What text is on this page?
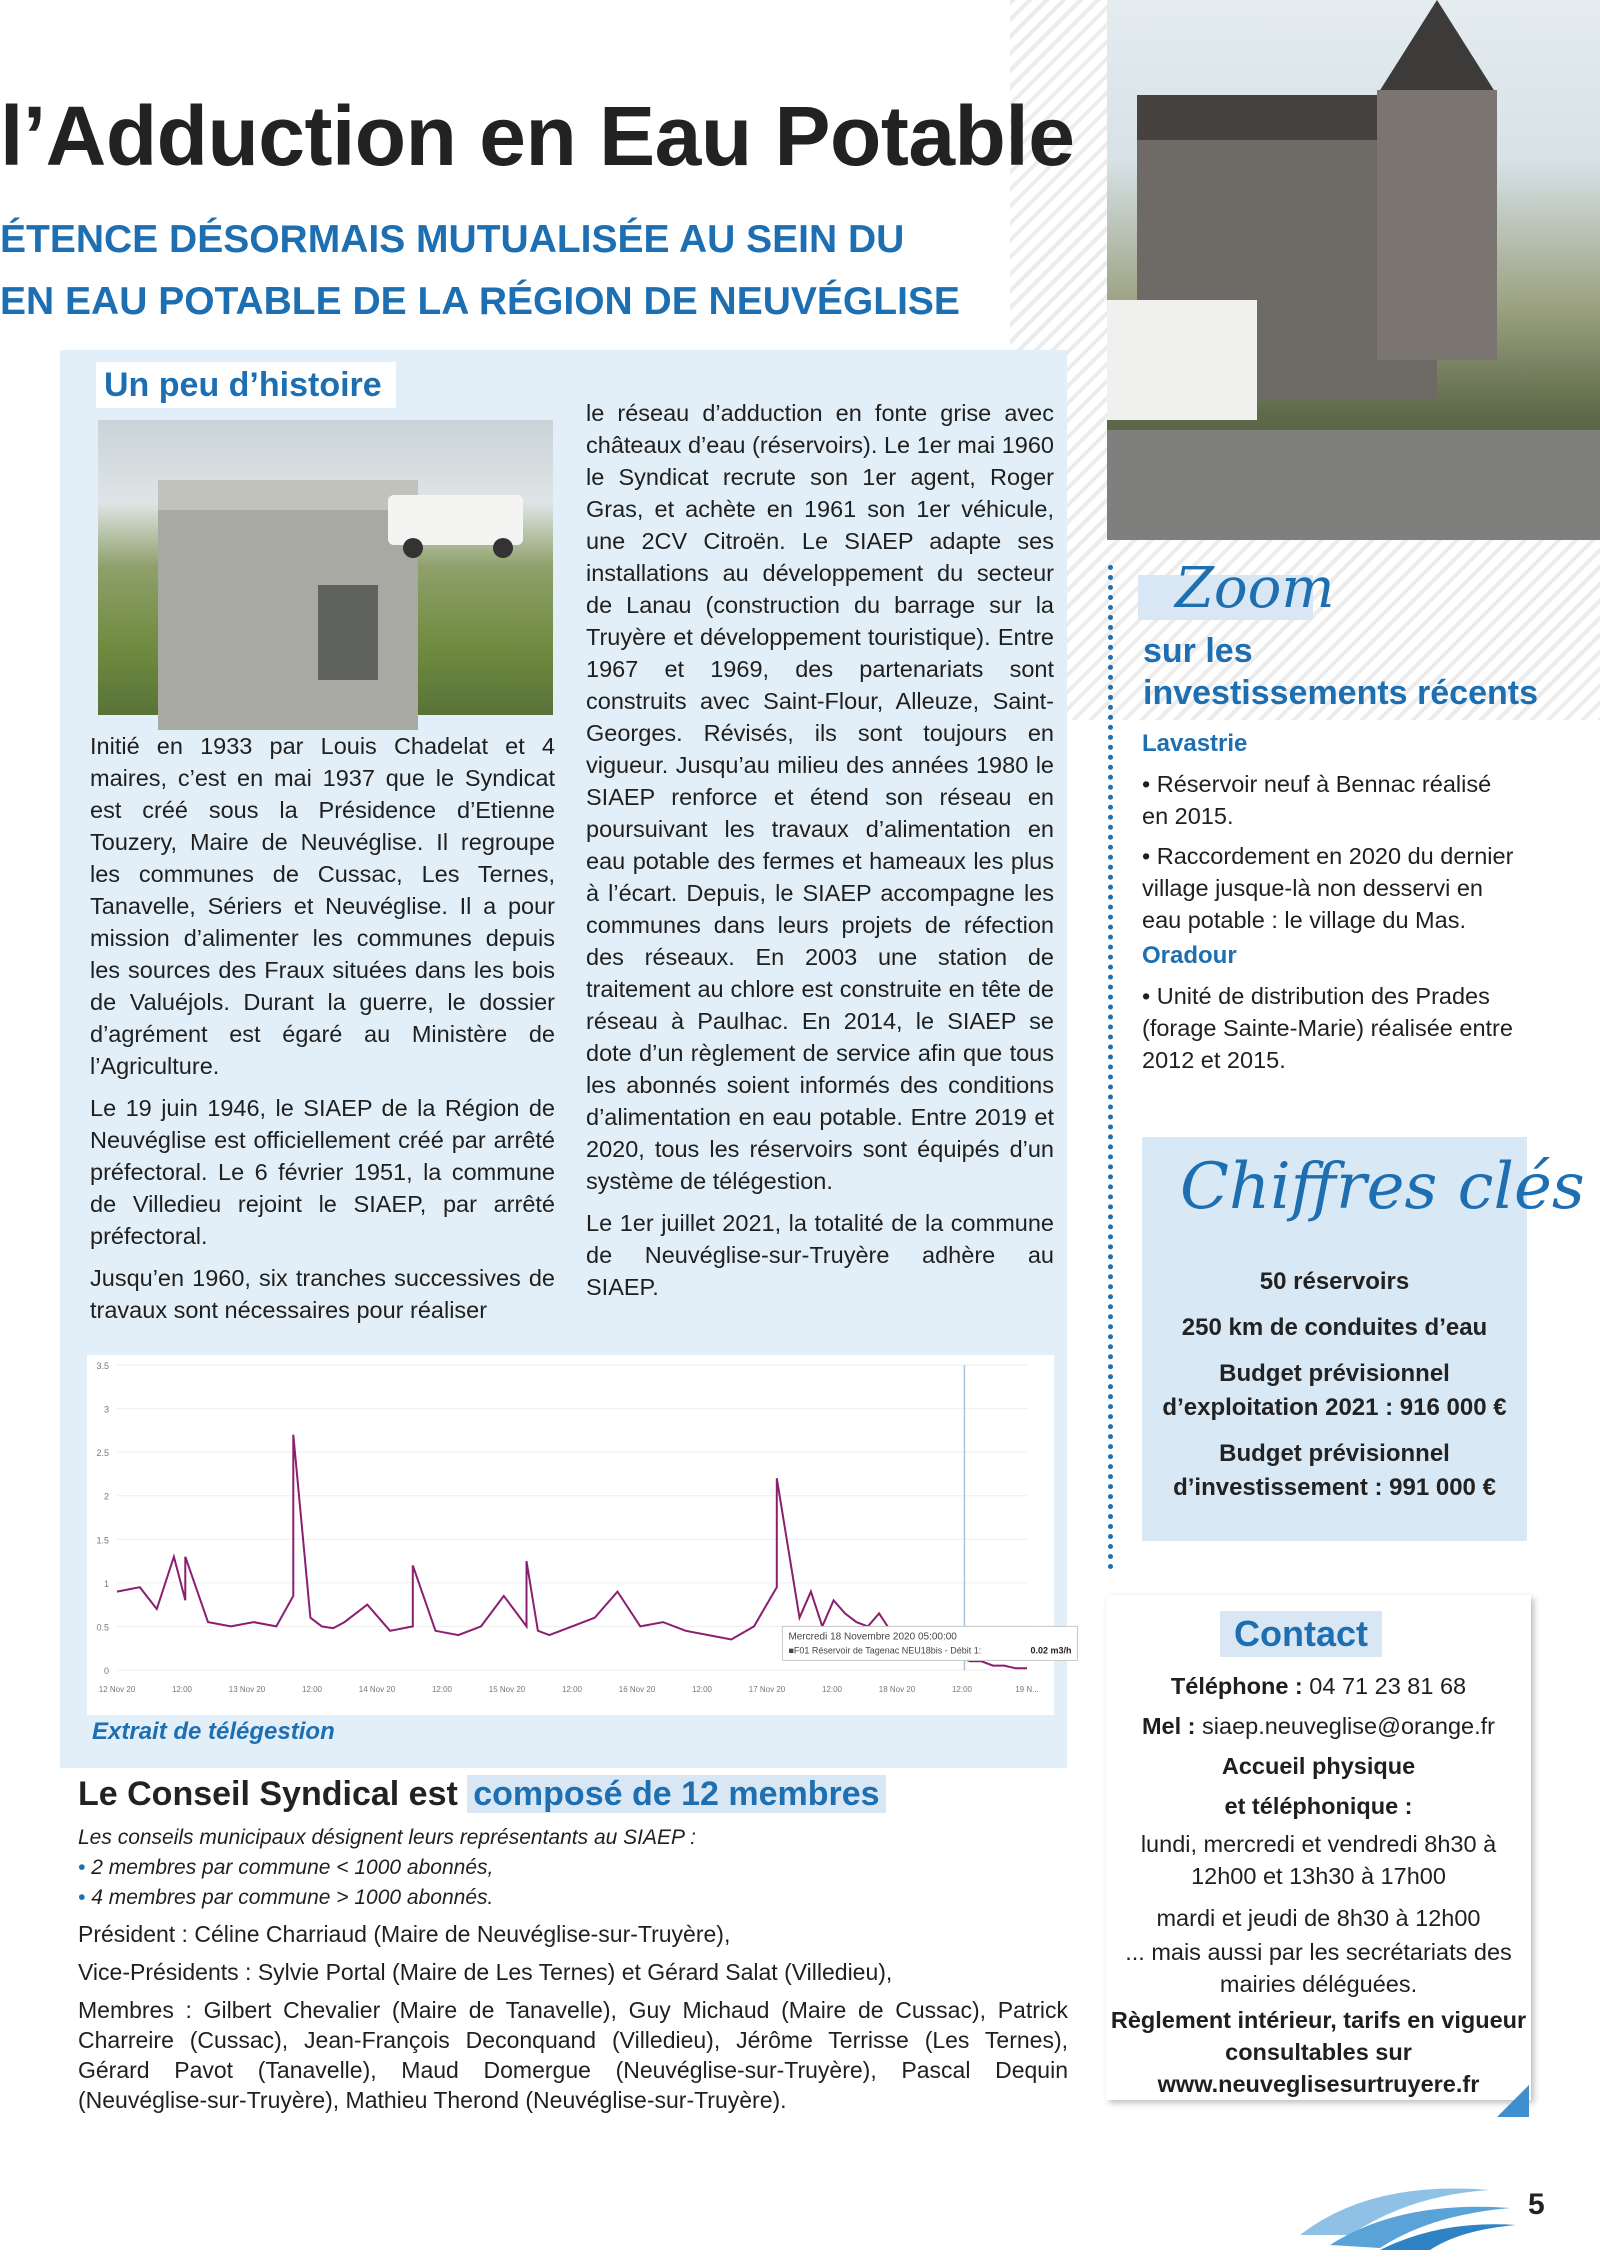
l’Adduction en Eau Potable
ÉTENCE DÉSORMAIS MUTUALISÉE AU SEIN DU
EN EAU POTABLE DE LA RÉGION DE NEUVÉGLISE
Un peu d’histoire

Initié en 1933 par Louis Chadelat et 4 maires, c’est en mai 1937 que le Syndicat est créé sous la Présidence d’Etienne Touzery, Maire de Neuvéglise. Il regroupe les communes de Cussac, Les Ternes, Tanavelle, Sériers et Neuvéglise. Il a pour mission d’alimenter les communes depuis les sources des Fraux situées dans les bois de Valuéjols. Durant la guerre, le dossier d’agrément est égaré au Ministère de l’Agriculture.

Le 19 juin 1946, le SIAEP de la Région de Neuvéglise est officiellement créé par arrêté préfectoral. Le 6 février 1951, la commune de Villedieu rejoint le SIAEP, par arrêté préfectoral.

Jusqu’en 1960, six tranches successives de travaux sont nécessaires pour réaliser

le réseau d’adduction en fonte grise avec châteaux d’eau (réservoirs). Le 1er mai 1960 le Syndicat recrute son 1er agent, Roger Gras, et achète en 1961 son 1er véhicule, une 2CV Citroën. Le SIAEP adapte ses installations au développement du secteur de Lanau (construction du barrage sur la Truyère et développement touristique). Entre 1967 et 1969, des partenariats sont construits avec Saint-Flour, Alleuze, Saint-Georges. Révisés, ils sont toujours en vigueur. Jusqu’au milieu des années 1980 le SIAEP renforce et étend son réseau en poursuivant les travaux d’alimentation en eau potable des fermes et hameaux les plus à l’écart. Depuis, le SIAEP accompagne les communes dans leurs projets de réfection des réseaux. En 2003 une station de traitement au chlore est construite en tête de réseau à Paulhac. En 2014, le SIAEP se dote d’un règlement de service afin que tous les abonnés soient informés des conditions d’alimentation en eau potable. Entre 2019 et 2020, tous les réservoirs sont équipés d’un système de télégestion.

Le 1er juillet 2021, la totalité de la commune de Neuvéglise-sur-Truyère adhère au SIAEP.

3.5
3
2.5
2
1.5
1
0.5
0
12 Nov 20	12:00	13 Nov 20	12:00	14 Nov 20	12:00	15 Nov 20	12:00	16 Nov 20	12:00	17 Nov 20	12:00	18 Nov 20	12:00	19 N...
Mercredi 18 Novembre 2020 05:00:00
■F01 Réservoir de Tagenac NEU18bis - Débit 1:	0.02 m3/h
Extrait de télégestion
Zoom
sur les
investissements récents
Lavastrie
• Réservoir neuf à Bennac réalisé en 2015.
• Raccordement en 2020 du dernier village jusque-là non desservi en eau potable : le village du Mas.
Oradour
• Unité de distribution des Prades (forage Sainte-Marie) réalisée entre 2012 et 2015.
Chiffres clés
50 réservoirs
250 km de conduites d’eau
Budget prévisionnel d’exploitation 2021 : 916 000 €
Budget prévisionnel d’investissement : 991 000 €
Contact
Téléphone : 04 71 23 81 68
Mel : siaep.neuveglise@orange.fr
Accueil physique
et téléphonique :
lundi, mercredi et vendredi 8h30 à 12h00 et 13h30 à 17h00
mardi et jeudi de 8h30 à 12h00
... mais aussi par les secrétariats des mairies déléguées.
Règlement intérieur, tarifs en vigueur consultables sur
www.neuveglisesurtruyere.fr
Le Conseil Syndical est composé de 12 membres
Les conseils municipaux désignent leurs représentants au SIAEP :
• 2 membres par commune < 1000 abonnés,
• 4 membres par commune > 1000 abonnés.

Président : Céline Charriaud (Maire de Neuvéglise-sur-Truyère),

Vice-Présidents : Sylvie Portal (Maire de Les Ternes) et Gérard Salat (Villedieu),

Membres : Gilbert Chevalier (Maire de Tanavelle), Guy Michaud (Maire de Cussac), Patrick Charreire (Cussac), Jean-François Deconquand (Villedieu), Jérôme Terrisse (Les Ternes), Gérard Pavot (Tanavelle), Maud Domergue (Neuvéglise-sur-Truyère), Pascal Dequin (Neuvéglise-sur-Truyère), Mathieu Therond (Neuvéglise-sur-Truyère).

5
